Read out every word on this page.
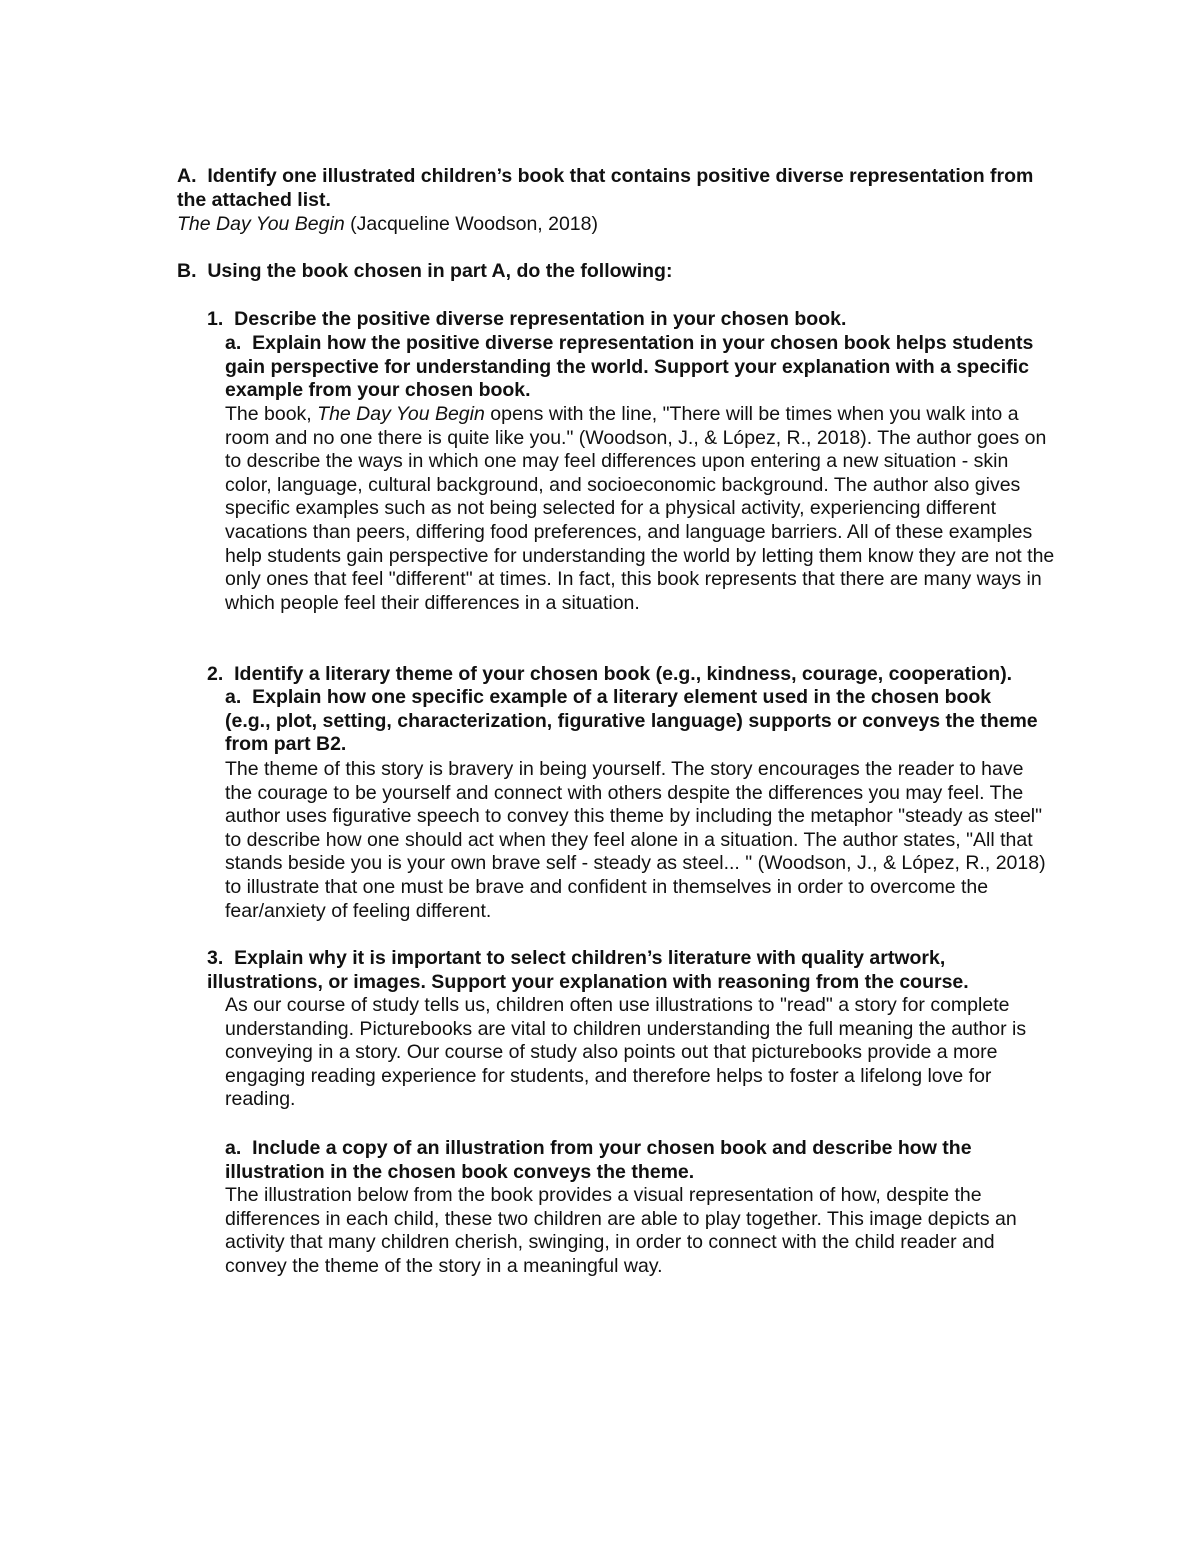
A. Identify one illustrated children’s book that contains positive diverse representation from the attached list.

The Day You Begin (Jacqueline Woodson, 2018)

B. Using the book chosen in part A, do the following:

1. Describe the positive diverse representation in your chosen book.

a. Explain how the positive diverse representation in your chosen book helps students gain perspective for understanding the world. Support your explanation with a specific example from your chosen book.

The book, The Day You Begin opens with the line, "There will be times when you walk into a room and no one there is quite like you." (Woodson, J., & López, R., 2018). The author goes on to describe the ways in which one may feel differences upon entering a new situation - skin color, language, cultural background, and socioeconomic background. The author also gives specific examples such as not being selected for a physical activity, experiencing different vacations than peers, differing food preferences, and language barriers. All of these examples help students gain perspective for understanding the world by letting them know they are not the only ones that feel "different" at times. In fact, this book represents that there are many ways in which people feel their differences in a situation.

2. Identify a literary theme of your chosen book (e.g., kindness, courage, cooperation).

a. Explain how one specific example of a literary element used in the chosen book (e.g., plot, setting, characterization, figurative language) supports or conveys the theme from part B2.

The theme of this story is bravery in being yourself. The story encourages the reader to have the courage to be yourself and connect with others despite the differences you may feel. The author uses figurative speech to convey this theme by including the metaphor "steady as steel" to describe how one should act when they feel alone in a situation. The author states, "All that stands beside you is your own brave self - steady as steel... " (Woodson, J., & López, R., 2018) to illustrate that one must be brave and confident in themselves in order to overcome the fear/anxiety of feeling different.

3. Explain why it is important to select children’s literature with quality artwork, illustrations, or images. Support your explanation with reasoning from the course.

As our course of study tells us, children often use illustrations to "read" a story for complete understanding. Picturebooks are vital to children understanding the full meaning the author is conveying in a story. Our course of study also points out that picturebooks provide a more engaging reading experience for students, and therefore helps to foster a lifelong love for reading.

a. Include a copy of an illustration from your chosen book and describe how the illustration in the chosen book conveys the theme.

The illustration below from the book provides a visual representation of how, despite the differences in each child, these two children are able to play together. This image depicts an activity that many children cherish, swinging, in order to connect with the child reader and convey the theme of the story in a meaningful way.
